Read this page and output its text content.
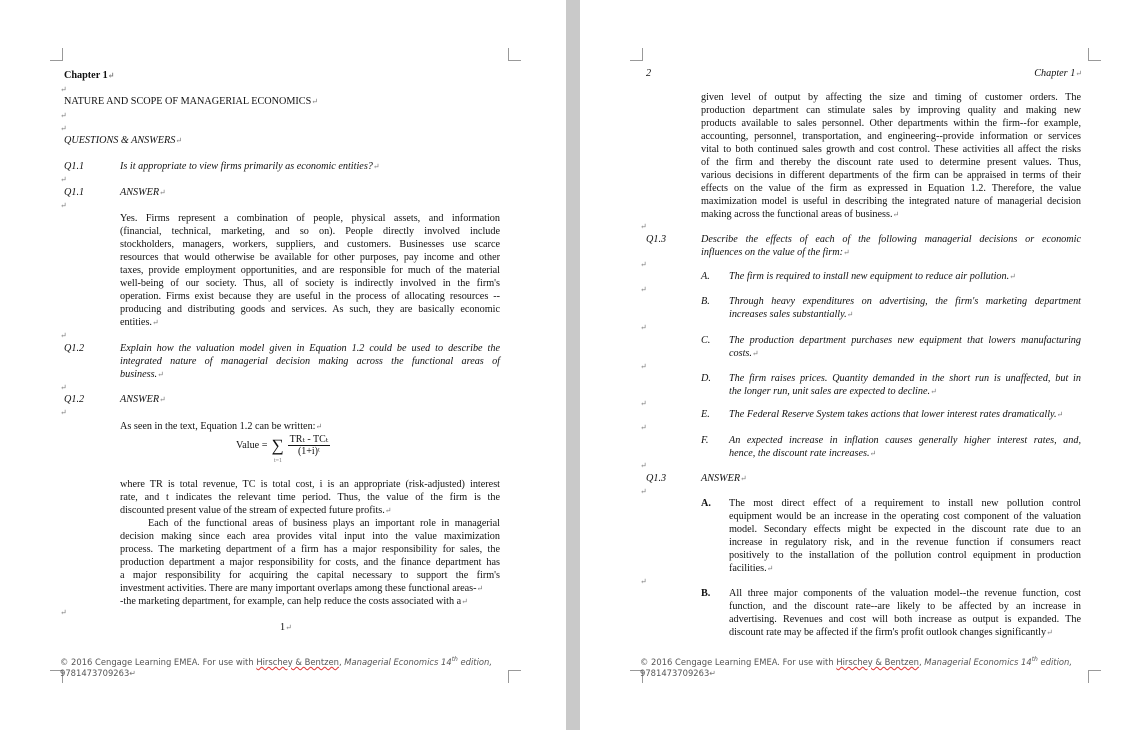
Chapter 1↵
↵
NATURE AND SCOPE OF MANAGERIAL ECONOMICS↵
↵
↵
QUESTIONS & ANSWERS↵
Q1.1	Is it appropriate to view firms primarily as economic entities?↵
↵
Q1.1	ANSWER↵
↵
Yes. Firms represent a combination of people, physical assets, and information
(financial, technical, marketing, and so on). People directly involved include
stockholders, managers, workers, suppliers, and customers. Businesses use scarce
resources that would otherwise be available for other purposes, pay income and other
taxes, provide employment opportunities, and are responsible for much of the material
well-being of our society. Thus, all of society is indirectly involved in the firm's
operation. Firms exist because they are useful in the process of allocating resources --
producing and distributing goods and services. As such, they are basically economic
entities.↵
↵
Q1.2	Explain how the valuation model given in Equation 1.2 could be used to describe the
integrated nature of managerial decision making across the functional areas of
business.↵
↵
Q1.2	ANSWER↵
↵
As seen in the text, Equation 1.2 can be written:↵
Value = ∑ $\frac{\text{TRₜ - TCₜ}}{\text{(1+i)ᵗ}}$
t=1
where TR is total revenue, TC is total cost, i is an appropriate (risk-adjusted) interest
rate, and t indicates the relevant time period. Thus, the value of the firm is the
discounted present value of the stream of expected future profits.↵
Each of the functional areas of business plays an important role in managerial
decision making since each area provides vital input into the value maximization
process. The marketing department of a firm has a major responsibility for sales, the
production department a major responsibility for costs, and the finance department has
a major responsibility for acquiring the capital necessary to support the firm's
investment activities. There are many important overlaps among these functional areas-↵
-the marketing department, for example, can help reduce the costs associated with a↵
↵
1↵
© 2016 Cengage Learning EMEA. For use with Hirschey & Bentzen, Managerial Economics 14th edition,
9781473709263↵
2	Chapter 1↵
given level of output by affecting the size and timing of customer orders. The
production department can stimulate sales by improving quality and making new
products available to sales personnel. Other departments within the firm--for example,
accounting, personnel, transportation, and engineering--provide information or services
vital to both continued sales growth and cost control. These activities all affect the risks
of the firm and thereby the discount rate used to determine present values. Thus,
various decisions in different departments of the firm can be appraised in terms of their
effects on the value of the firm as expressed in Equation 1.2. Therefore, the value
maximization model is useful in describing the integrated nature of managerial decision
making across the functional areas of business.↵
↵
Q1.3	Describe the effects of each of the following managerial decisions or economic
influences on the value of the firm:↵
↵
A. The firm is required to install new equipment to reduce air pollution.↵
↵
B. Through heavy expenditures on advertising, the firm's marketing department
increases sales substantially.↵
↵
C. The production department purchases new equipment that lowers manufacturing
costs.↵
↵
D. The firm raises prices. Quantity demanded in the short run is unaffected, but in
the longer run, unit sales are expected to decline.↵
↵
E. The Federal Reserve System takes actions that lower interest rates dramatically.↵
↵
F. An expected increase in inflation causes generally higher interest rates, and,
hence, the discount rate increases.↵
↵
Q1.3	ANSWER↵
↵
A. The most direct effect of a requirement to install new pollution control
equipment would be an increase in the operating cost component of the valuation
model. Secondary effects might be expected in the discount rate due to an
increase in regulatory risk, and in the revenue function if consumers react
positively to the installation of the pollution control equipment in production
facilities.↵
↵
B. All three major components of the valuation model--the revenue function, cost
function, and the discount rate--are likely to be affected by an increase in
advertising. Revenues and cost will both increase as output is expanded. The
discount rate may be affected if the firm's profit outlook changes significantly↵
© 2016 Cengage Learning EMEA. For use with Hirschey & Bentzen, Managerial Economics 14th edition,
9781473709263↵
